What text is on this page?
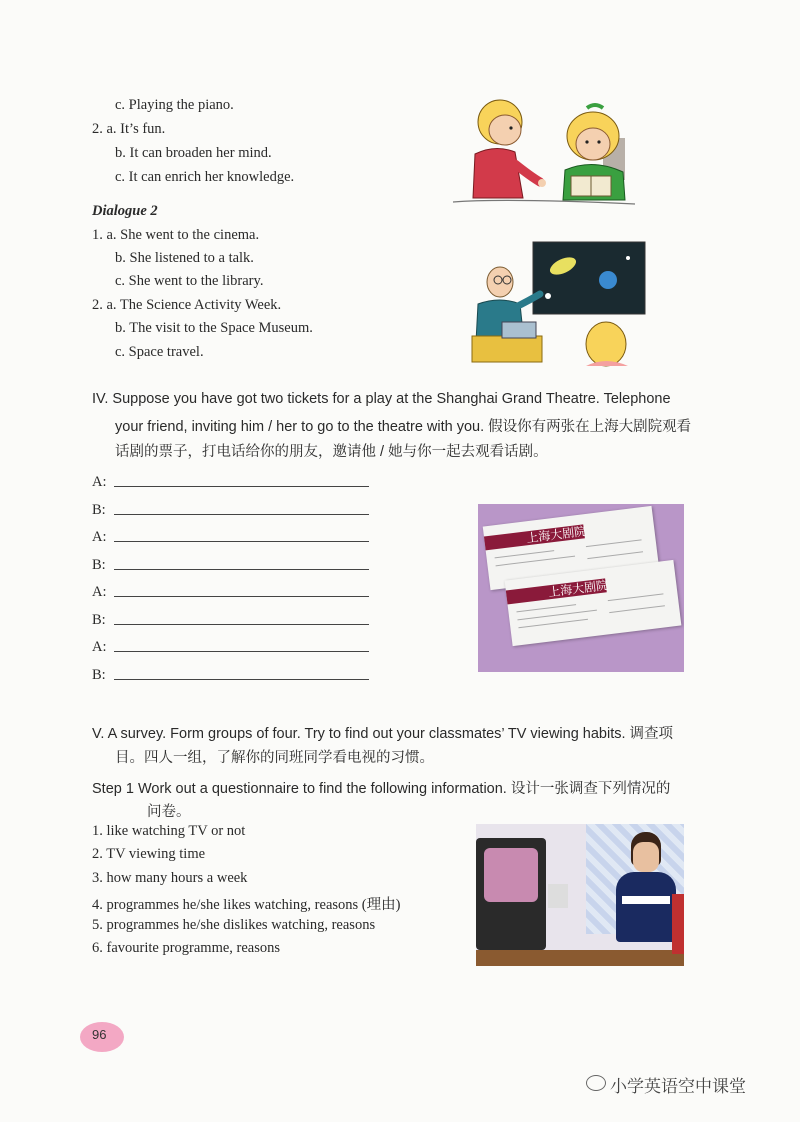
c. Playing the piano.
2. a. It’s fun.
b. It can broaden her mind.
c. It can enrich her knowledge.
Dialogue 2
1. a. She went to the cinema.
b. She listened to a talk.
c. She went to the library.
2. a. The Science Activity Week.
b. The visit to the Space Museum.
c. Space travel.
IV. Suppose you have got two tickets for a play at the Shanghai Grand Theatre. Telephone
your friend, inviting him / her to go to the theatre with you. 假设你有两张在上海大剧院观看
话剧的票子，打电话给你的朋友，邀请他 / 她与你一起去观看话剧。
A:
B:
A:
B:
A:
B:
A:
B:
上海大剧院
上海大剧院
V. A survey. Form groups of four. Try to find out your classmates’ TV viewing habits. 调查项
目。四人一组，了解你的同班同学看电视的习惯。
Step 1 Work out a questionnaire to find the following information. 设计一张调查下列情况的
问卷。
1. like watching TV or not
2. TV viewing time
3. how many hours a week
4. programmes he/she likes watching, reasons (理由)
5. programmes he/she dislikes watching, reasons
6. favourite programme, reasons
96
小学英语空中课堂
